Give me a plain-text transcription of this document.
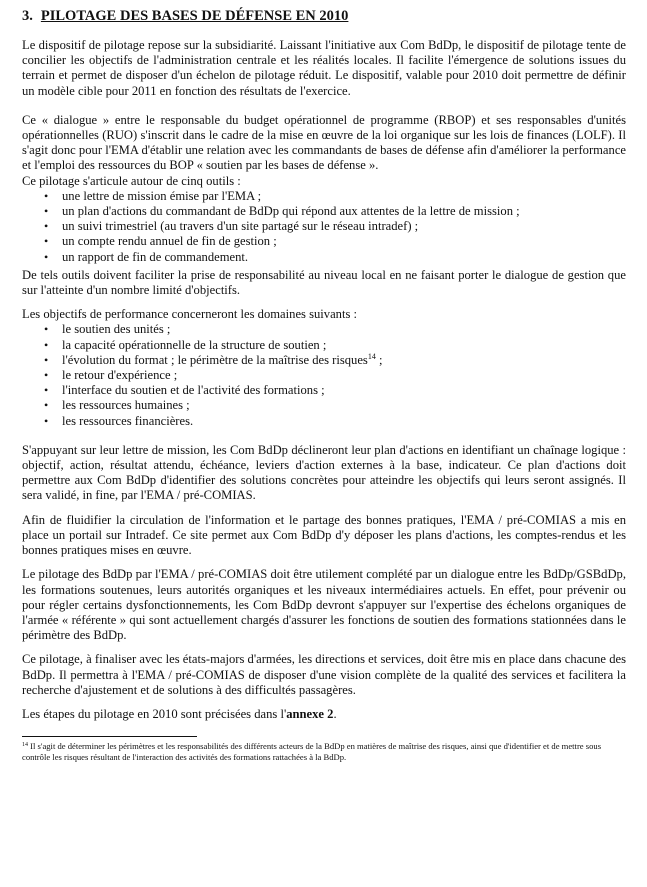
3. PILOTAGE DES BASES DE DÉFENSE EN 2010

Le dispositif de pilotage repose sur la subsidiarité. Laissant l'initiative aux Com BdDp, le dispositif de pilotage tente de concilier les objectifs de l'administration centrale et les réalités locales. Il facilite l'émergence de solutions issues du terrain et permet de disposer d'un échelon de pilotage réduit. Le dispositif, valable pour 2010 doit permettre de définir un modèle cible pour 2011 en fonction des résultats de l'exercice.

Ce « dialogue » entre le responsable du budget opérationnel de programme (RBOP) et ses responsables d'unités opérationnelles (RUO) s'inscrit dans le cadre de la mise en œuvre de la loi organique sur les lois de finances (LOLF). Il s'agit donc pour l'EMA d'établir une relation avec les commandants de bases de défense afin d'améliorer la performance et l'emploi des ressources du BOP « soutien par les bases de défense ».

Ce pilotage s'articule autour de cinq outils :

• une lettre de mission émise par l'EMA ;
• un plan d'actions du commandant de BdDp qui répond aux attentes de la lettre de mission ;
• un suivi trimestriel (au travers d'un site partagé sur le réseau intradef) ;
• un compte rendu annuel de fin de gestion ;
• un rapport de fin de commandement.

De tels outils doivent faciliter la prise de responsabilité au niveau local en ne faisant porter le dialogue de gestion que sur l'atteinte d'un nombre limité d'objectifs.

Les objectifs de performance concerneront les domaines suivants :

• le soutien des unités ;
• la capacité opérationnelle de la structure de soutien ;
• l'évolution du format ; le périmètre de la maîtrise des risques$^{14}$ ;
• le retour d'expérience ;
• l'interface du soutien et de l'activité des formations ;
• les ressources humaines ;
• les ressources financières.

S'appuyant sur leur lettre de mission, les Com BdDp déclineront leur plan d'actions en identifiant un chaînage logique : objectif, action, résultat attendu, échéance, leviers d'action externes à la base, indicateur. Ce plan d'actions doit permettre aux Com BdDp d'identifier des solutions concrètes pour atteindre les objectifs qui leurs seront assignés. Il sera validé, in fine, par l'EMA / pré-COMIAS.

Afin de fluidifier la circulation de l'information et le partage des bonnes pratiques, l'EMA / pré-COMIAS a mis en place un portail sur Intradef. Ce site permet aux Com BdDp d'y déposer les plans d'actions, les comptes-rendus et les bonnes pratiques mises en œuvre.

Le pilotage des BdDp par l'EMA / pré-COMIAS doit être utilement complété par un dialogue entre les BdDp/GSBdDp, les formations soutenues, leurs autorités organiques et les niveaux intermédiaires actuels. En effet, pour prévenir ou pour régler certains dysfonctionnements, les Com BdDp devront s'appuyer sur l'expertise des échelons organiques de l'armée « référente » qui sont actuellement chargés d'assurer les fonctions de soutien des formations stationnées dans le périmètre des BdDp.

Ce pilotage, à finaliser avec les états-majors d'armées, les directions et services, doit être mis en place dans chacune des BdDp. Il permettra à l'EMA / pré-COMIAS de disposer d'une vision complète de la qualité des services et facilitera la recherche d'ajustement et de solutions à des difficultés passagères.

Les étapes du pilotage en 2010 sont précisées dans l'annexe 2.

$^{14}$ Il s'agit de déterminer les périmètres et les responsabilités des différents acteurs de la BdDp en matières de maîtrise des risques, ainsi que d'identifier et de mettre sous contrôle les risques résultant de l'interaction des activités des formations rattachées à la BdDp.
